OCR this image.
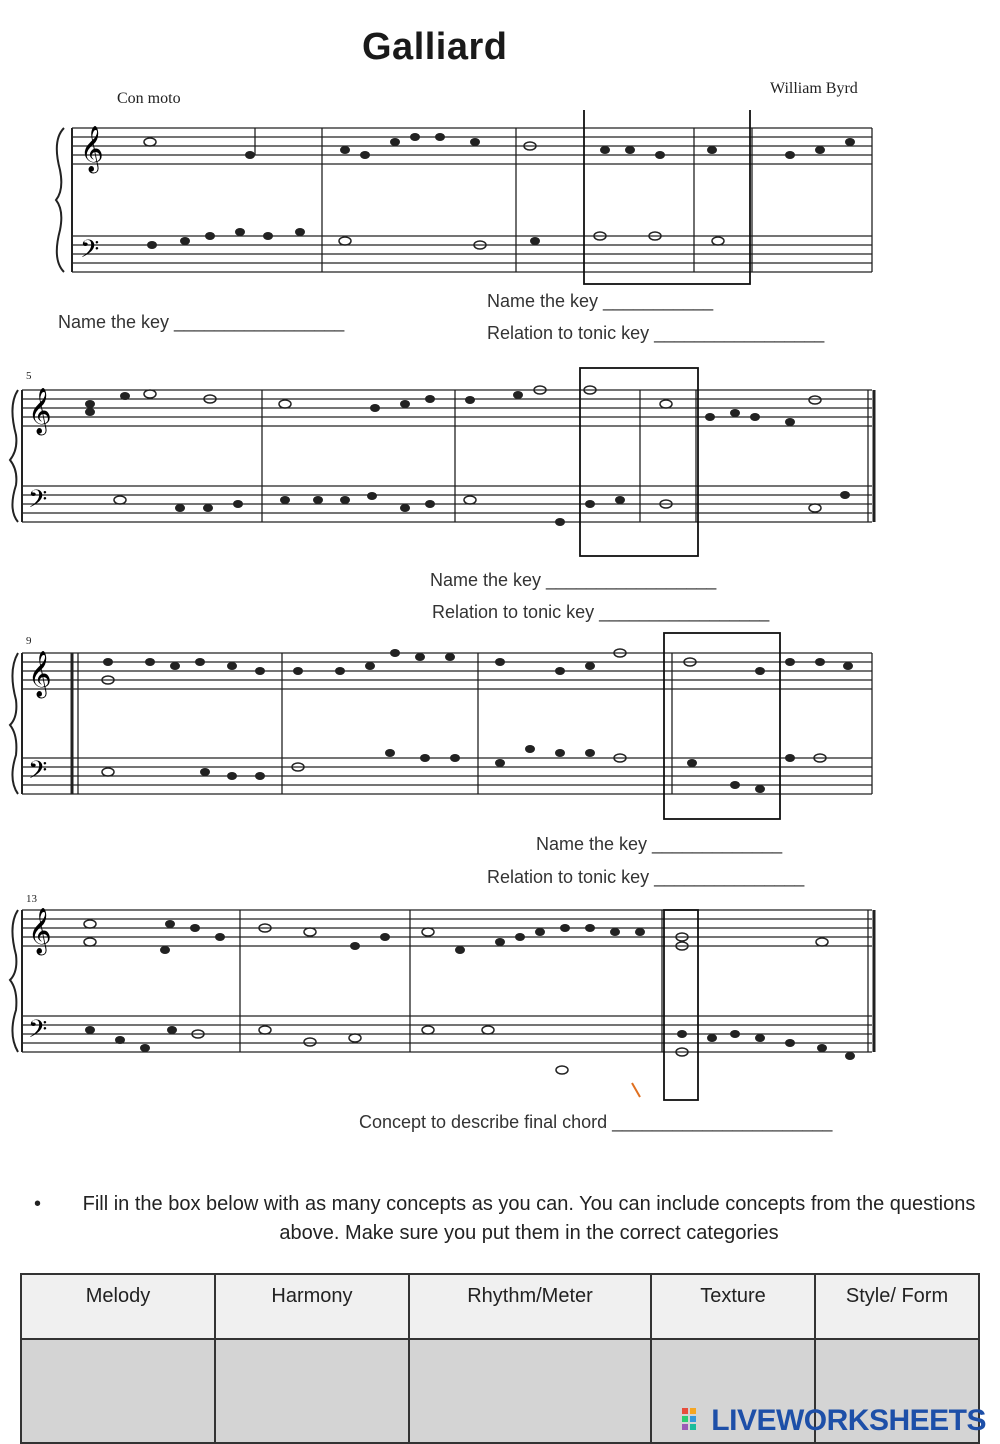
Galliard
Con moto
William Byrd
𝄞
𝄢
Name the key _________________
Name the key ___________
Relation to tonic key _________________
5
𝄞
𝄢
Name the key _________________
Relation to tonic key _________________
9
𝄞
𝄢
Name the key _____________
Relation to tonic key _______________
13
𝄞
𝄢
Concept to describe final chord ______________________
•	Fill in the box below with as many concepts as you can. You can include concepts from the questions above. Make sure you put them in the correct categories
Melody	Harmony	Rhythm/Meter	Texture	Style/ Form

LIVEWORKSHEETS
